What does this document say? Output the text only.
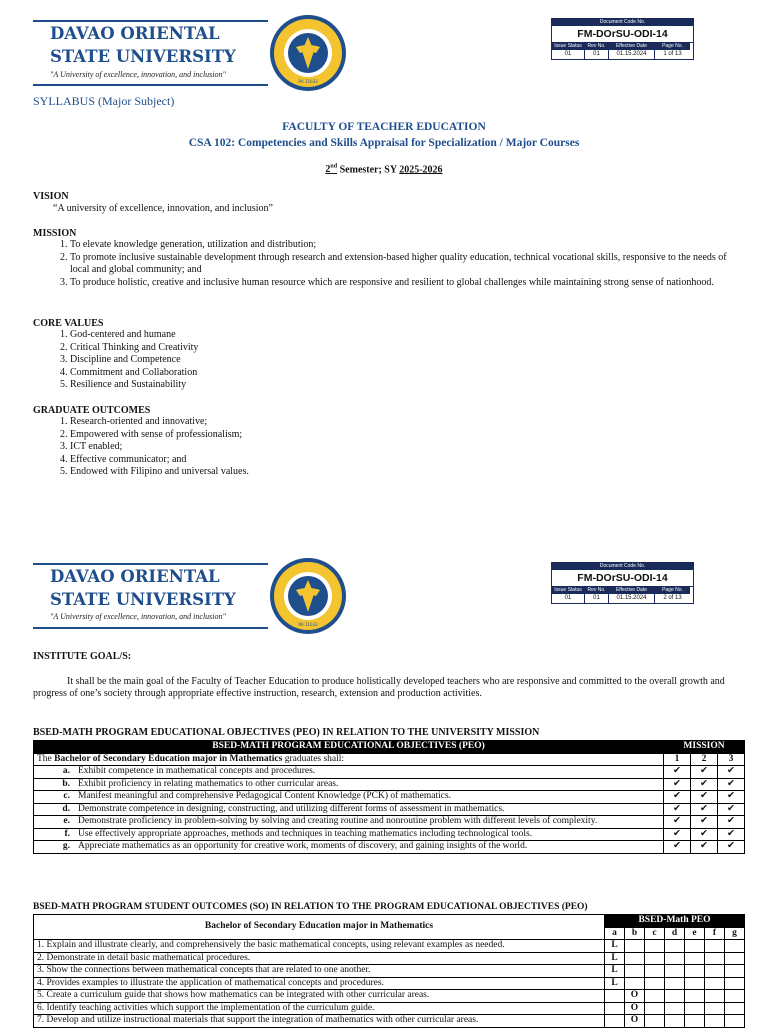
DAVAO ORIENTAL
STATE UNIVERSITY
"A University of excellence, innovation, and inclusion"
RA 11033
Document Code No.
FM-DOrSU-ODI-14
Issue Status	Rev No.	Effective Date	Page No.
01	01	01.15.2024	1 of 13
SYLLABUS (Major Subject)
FACULTY OF TEACHER EDUCATION
CSA 102: Competencies and Skills Appraisal for Specialization / Major Courses
2nd Semester; SY 2025-2026
VISION
“A university of excellence, innovation, and inclusion”
MISSION
1. To elevate knowledge generation, utilization and distribution;
2. To promote inclusive sustainable development through research and extension-based higher quality education, technical vocational skills, responsive to the needs of local and global community; and
3. To produce holistic, creative and inclusive human resource which are responsive and resilient to global challenges while maintaining strong sense of nationhood.
CORE VALUES
1. God-centered and humane
2. Critical Thinking and Creativity
3. Discipline and Competence
4. Commitment and Collaboration
5. Resilience and Sustainability
GRADUATE OUTCOMES
1. Research-oriented and innovative;
2. Empowered with sense of professionalism;
3. ICT enabled;
4. Effective communicator; and
5. Endowed with Filipino and universal values.
DAVAO ORIENTAL
STATE UNIVERSITY
"A University of excellence, innovation, and inclusion"
RA 11033
Document Code No.
FM-DOrSU-ODI-14
Issue Status	Rev No.	Effective Date	Page No.
01	01	01.15.2024	2 of 13
INSTITUTE GOAL/S:
It shall be the main goal of the Faculty of Teacher Education to produce holistically developed teachers who are responsive and committed to the overall growth and progress of one’s society through appropriate effective instruction, research, extension and production activities.
BSED-MATH PROGRAM EDUCATIONAL OBJECTIVES (PEO) IN RELATION TO THE UNIVERSITY MISSION
BSED-MATH PROGRAM EDUCATIONAL OBJECTIVES (PEO)	MISSION		
The Bachelor of Secondary Education major in Mathematics graduates shall:	1	2	3
a. Exhibit competence in mathematical concepts and procedures.	✔	✔	✔
b. Exhibit proficiency in relating mathematics to other curricular areas.	✔	✔	✔
c. Manifest meaningful and comprehensive Pedagogical Content Knowledge (PCK) of mathematics.	✔	✔	✔
d. Demonstrate competence in designing, constructing, and utilizing different forms of assessment in mathematics.	✔	✔	✔
e. Demonstrate proficiency in problem-solving by solving and creating routine and nonroutine problem with different levels of complexity.	✔	✔	✔
f. Use effectively appropriate approaches, methods and techniques in teaching mathematics including technological tools.	✔	✔	✔
g. Appreciate mathematics as an opportunity for creative work, moments of discovery, and gaining insights of the world.	✔	✔	✔
BSED-MATH PROGRAM STUDENT OUTCOMES (SO) IN RELATION TO THE PROGRAM EDUCATIONAL OBJECTIVES (PEO)
Bachelor of Secondary Education major in Mathematics	BSED-Math PEO						
	a	b	c	d	e	f	g
1. Explain and illustrate clearly, and comprehensively the basic mathematical concepts, using relevant examples as needed.	L						
2. Demonstrate in detail basic mathematical procedures.	L						
3. Show the connections between mathematical concepts that are related to one another.	L						
4. Provides examples to illustrate the application of mathematical concepts and procedures.	L						
5. Create a curriculum guide that shows how mathematics can be integrated with other curricular areas.		O					
6. Identify teaching activities which support the implementation of the curriculum guide.		O					
7. Develop and utilize instructional materials that support the integration of mathematics with other curricular areas.		O					
